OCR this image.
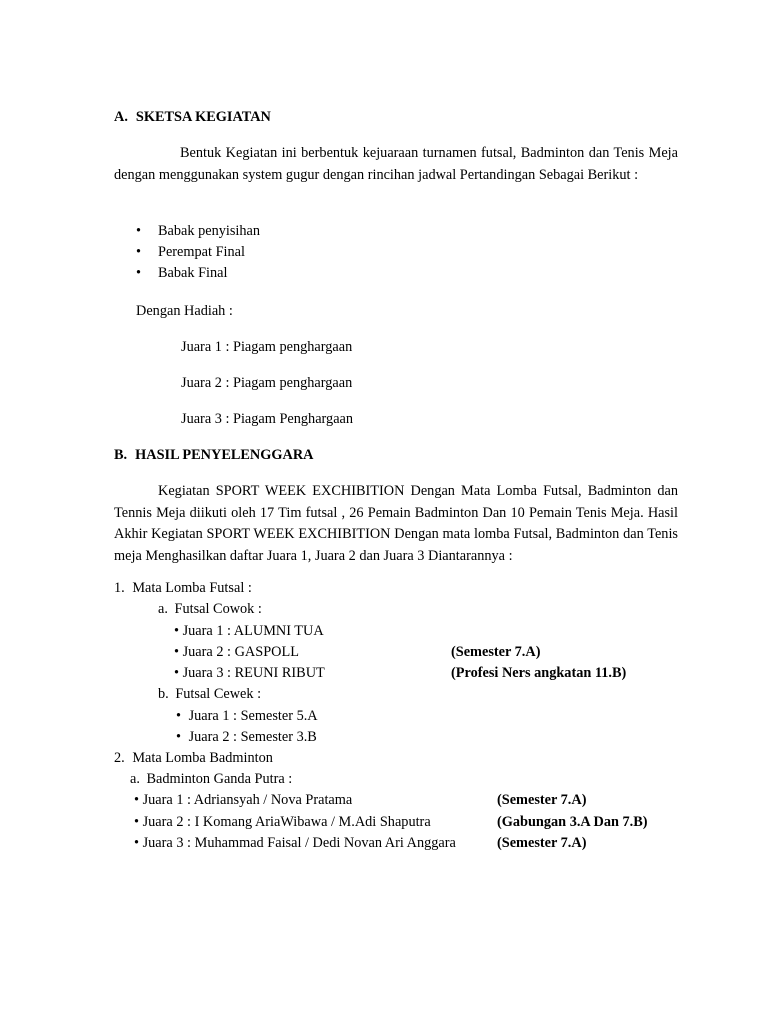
A. SKETSA KEGIATAN
Bentuk Kegiatan ini berbentuk kejuaraan turnamen futsal, Badminton dan Tenis Meja dengan menggunakan system gugur dengan rincihan jadwal Pertandingan Sebagai Berikut :
• Babak penyisihan
• Perempat Final
• Babak Final
Dengan Hadiah :
Juara 1 : Piagam penghargaan
Juara 2 : Piagam penghargaan
Juara 3 : Piagam Penghargaan
B. HASIL PENYELENGGARA
Kegiatan SPORT WEEK EXCHIBITION Dengan Mata Lomba Futsal, Badminton dan Tennis Meja diikuti oleh 17 Tim futsal , 26 Pemain Badminton Dan 10 Pemain Tenis Meja. Hasil Akhir Kegiatan SPORT WEEK EXCHIBITION Dengan mata lomba Futsal, Badminton dan Tenis meja Menghasilkan daftar Juara 1, Juara 2 dan Juara 3 Diantarannya :
1. Mata Lomba Futsal :
a. Futsal Cowok :
• Juara 1 : ALUMNI TUA
• Juara 2 : GASPOLL	(Semester 7.A)
• Juara 3 : REUNI RIBUT	(Profesi Ners angkatan 11.B)
b. Futsal Cewek :
• Juara 1 : Semester 5.A
• Juara 2 : Semester 3.B
2. Mata Lomba Badminton
a. Badminton Ganda Putra :
• Juara 1 : Adriansyah / Nova Pratama	(Semester 7.A)
• Juara 2 : I Komang AriaWibawa / M.Adi Shaputra	(Gabungan 3.A Dan 7.B)
• Juara 3 : Muhammad Faisal / Dedi Novan Ari Anggara	(Semester 7.A)
